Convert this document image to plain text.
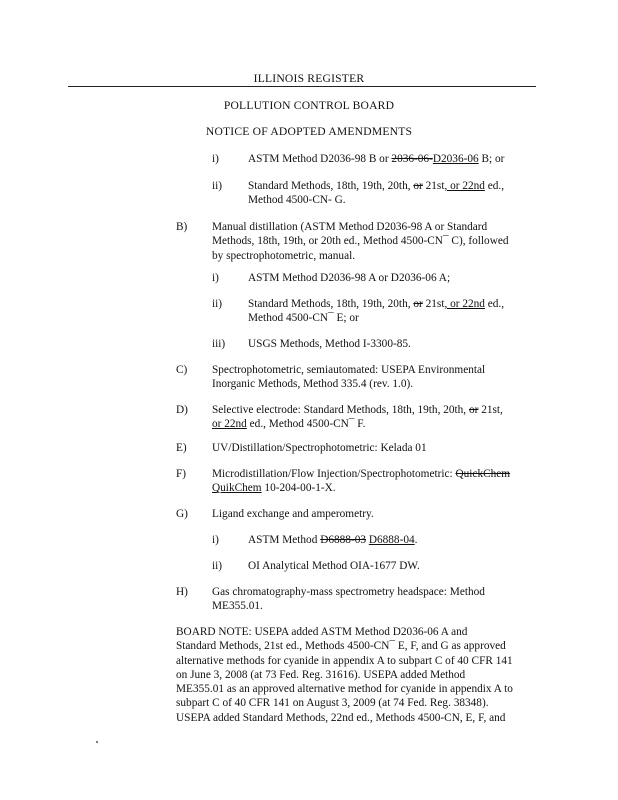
ILLINOIS REGISTER
POLLUTION CONTROL BOARD
NOTICE OF ADOPTED AMENDMENTS
i)	ASTM Method D2036-98 B or 2036-06-D2036-06 B; or
ii) Standard Methods, 18th, 19th, 20th, or 21st, or 22nd ed.,
Method 4500-CN- G.
B) Manual distillation (ASTM Method D2036-98 A or Standard
Methods, 18th, 19th, or 20th ed., Method 4500-CN¯ C), followed
by spectrophotometric, manual.
i)	ASTM Method D2036-98 A or D2036-06 A;
ii) Standard Methods, 18th, 19th, 20th, or 21st, or 22nd ed.,
Method 4500-CN¯ E; or
iii) USGS Methods, Method I-3300-85.
C) Spectrophotometric, semiautomated: USEPA Environmental
Inorganic Methods, Method 335.4 (rev. 1.0).
D) Selective electrode: Standard Methods, 18th, 19th, 20th, or 21st,
or 22nd ed., Method 4500-CN¯ F.
E) UV/Distillation/Spectrophotometric: Kelada 01
F) Microdistillation/Flow Injection/Spectrophotometric: QuickChem
QuikChem 10-204-00-1-X.
G) Ligand exchange and amperometry.
i)	ASTM Method D6888-03 D6888-04.
ii) OI Analytical Method OIA-1677 DW.
H) Gas chromatography-mass spectrometry headspace: Method
ME355.01.
BOARD NOTE: USEPA added ASTM Method D2036-06 A and
Standard Methods, 21st ed., Methods 4500-CN¯ E, F, and G as approved
alternative methods for cyanide in appendix A to subpart C of 40 CFR 141
on June 3, 2008 (at 73 Fed. Reg. 31616). USEPA added Method
ME355.01 as an approved alternative method for cyanide in appendix A to
subpart C of 40 CFR 141 on August 3, 2009 (at 74 Fed. Reg. 38348).
USEPA added Standard Methods, 22nd ed., Methods 4500-CN, E, F, and
